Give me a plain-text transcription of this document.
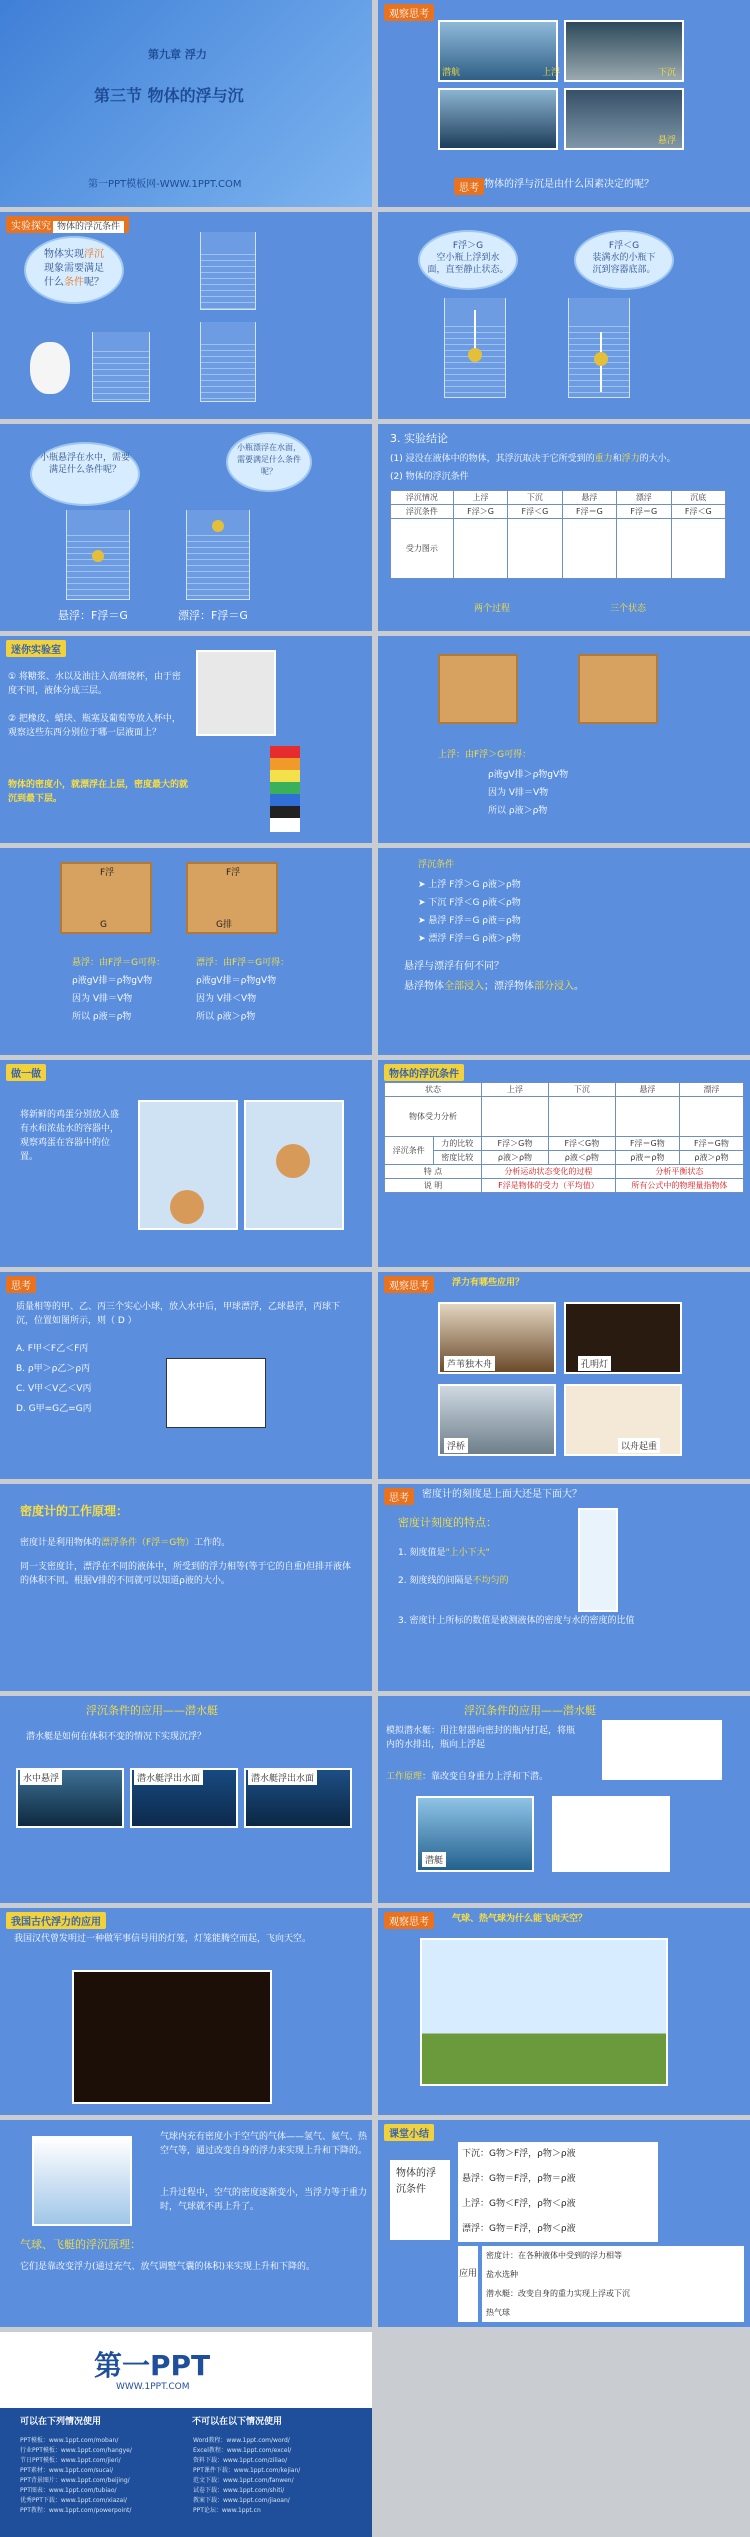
第九章 浮力
第三节 物体的浮与沉
第一PPT模板网-WWW.1PPT.COM
观察思考
潜航	上浮	下沉
悬浮
思考 物体的浮与沉是由什么因素决定的呢？
实验探究 物体的浮沉条件
物体实现浮沉
现象需要满足
什么条件呢？
F浮＞G
空小瓶上浮到水
面，直至静止状态。
F浮＜G
装满水的小瓶下
沉到容器底部。
小瓶悬浮在水中，需要满足什么条件呢？
小瓶漂浮在水面，需要满足什么条件呢？
悬浮：F浮＝G	漂浮：F浮＝G
3. 实验结论
(1) 浸没在液体中的物体，其浮沉取决于它所受到的重力和浮力的大小。
(2) 物体的浮沉条件
浮沉情况	上浮	下沉	悬浮	漂浮	沉底
浮沉条件	F浮＞G	F浮＜G	F浮＝G	F浮＝G	F浮＜G
受力图示					
两个过程	三个状态
迷你实验室
① 将糖浆、水以及油注入高细烧杯，由于密度不同，液体分成三层。
② 把橡皮、蜡块、瓶塞及葡萄等放入杯中，观察这些东西分别位于哪一层液面上？
物体的密度小，就漂浮在上层，密度最大的就沉到最下层。
上浮：由F浮＞G可得：
ρ液gV排＞ρ物gV物
因为 V排＝V物
所以 ρ液＞ρ物
F浮
G
F浮
G排
悬浮：由F浮＝G可得：	漂浮：由F浮＝G可得：
ρ液gV排＝ρ物gV物	ρ液gV排＝ρ物gV物
因为 V排＝V物	因为 V排＜V物
所以 ρ液＝ρ物	所以 ρ液＞ρ物
浮沉条件
➤ 上浮 F浮＞G ρ液＞ρ物
➤ 下沉 F浮＜G ρ液＜ρ物
➤ 悬浮 F浮＝G ρ液＝ρ物
➤ 漂浮 F浮＝G ρ液＞ρ物
悬浮与漂浮有何不同？
悬浮物体全部浸入；漂浮物体部分浸入。
做一做
将新鲜的鸡蛋分别放入盛有水和浓盐水的容器中，观察鸡蛋在容器中的位置。
物体的浮沉条件
状态		上浮	下沉	悬浮	漂浮
物体受力分析					
浮沉条件	力的比较	F浮＞G物	F浮＜G物	F浮＝G物	F浮＝G物
	密度比较	ρ液＞ρ物	ρ液＜ρ物	ρ液＝ρ物	ρ液＞ρ物
特 点		分析运动状态变化的过程		分析平衡状态	
说 明		F浮是物体的受力（平均值）		所有公式中的物理量指物体	
思考
质量相等的甲、乙、丙三个实心小球，放入水中后，甲球漂浮，乙球悬浮，丙球下沉，位置如图所示，则（ D ）
A. F甲＜F乙＜F丙
B. ρ甲＞ρ乙＞ρ丙
C. V甲＜V乙＜V丙
D. G甲=G乙=G丙
观察思考	浮力有哪些应用？
芦苇独木舟	孔明灯
浮桥	以舟起重
密度计的工作原理：
密度计是利用物体的漂浮条件（F浮＝G物）工作的。
同一支密度计，漂浮在不同的液体中，所受到的浮力相等(等于它的自重)但排开液体的体积不同。根据V排的不同就可以知道ρ液的大小。
思考	密度计的刻度是上面大还是下面大？
密度计刻度的特点：
1. 刻度值是"上小下大"
2. 刻度线的间隔是不均匀的
3. 密度计上所标的数值是被测液体的密度与水的密度的比值
浮沉条件的应用——潜水艇
潜水艇是如何在体积不变的情况下实现沉浮？
水中悬浮	潜水艇浮出水面	潜水艇浮出水面
浮沉条件的应用——潜水艇
模拟潜水艇：用注射器向密封的瓶内打起，将瓶内的水排出，瓶向上浮起
工作原理：靠改变自身重力上浮和下潜。
潜艇
我国古代浮力的应用
我国汉代曾发明过一种做军事信号用的灯笼，灯笼能腾空而起，飞向天空。
观察思考	气球、热气球为什么能飞向天空？
气球内充有密度小于空气的气体——氢气、氦气、热空气等，通过改变自身的浮力来实现上升和下降的。
上升过程中，空气的密度逐渐变小，当浮力等于重力时，气球就不再上升了。
气球、飞艇的浮沉原理：
它们是靠改变浮力(通过充气、放气调整气囊的体积)来实现上升和下降的。
课堂小结
物体的浮沉条件
下沉：G物＞F浮，ρ物＞ρ液
悬浮：G物＝F浮，ρ物＝ρ液
上浮：G物＜F浮，ρ物＜ρ液
漂浮：G物＝F浮，ρ物＜ρ液
应用
密度计：在各种液体中受到的浮力相等
盐水选种
潜水艇：改变自身的重力实现上浮或下沉
热气球
第一PPT
WWW.1PPT.COM
可以在下列情况使用	不可以在以下情况使用
PPT模板：www.1ppt.com/moban/
行业PPT模板：www.1ppt.com/hangye/
节日PPT模板：www.1ppt.com/jieri/
PPT素材：www.1ppt.com/sucai/
PPT背景图片：www.1ppt.com/beijing/
PPT图表：www.1ppt.com/tubiao/
优秀PPT下载：www.1ppt.com/xiazai/
PPT教程：www.1ppt.com/powerpoint/
Word教程：www.1ppt.com/word/
Excel教程：www.1ppt.com/excel/
资料下载：www.1ppt.com/ziliao/
PPT课件下载：www.1ppt.com/kejian/
范文下载：www.1ppt.com/fanwen/
试卷下载：www.1ppt.com/shiti/
教案下载：www.1ppt.com/jiaoan/
PPT论坛：www.1ppt.cn
